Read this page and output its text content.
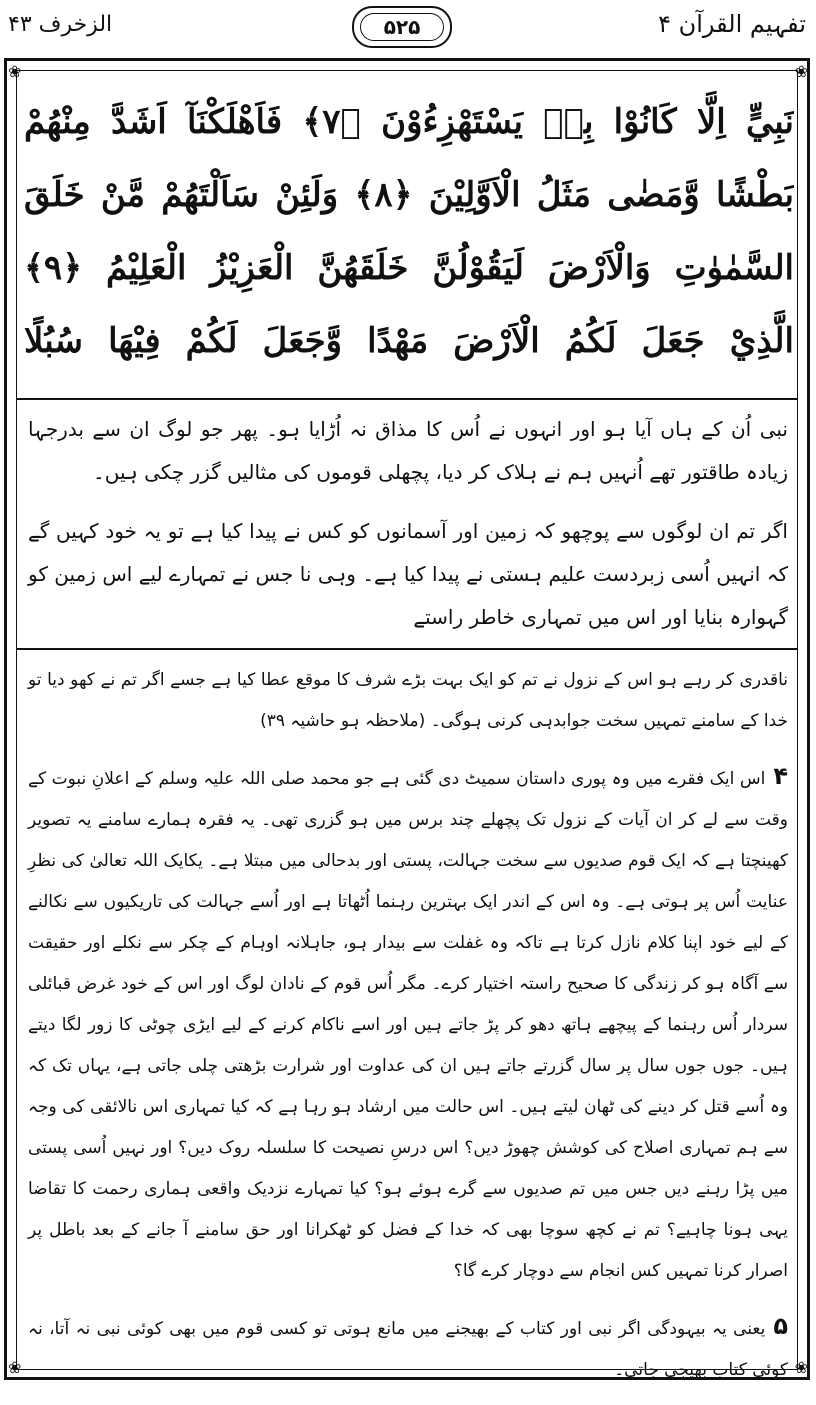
الزخرف ۴۳	۵۲۵	تفہیم القرآن ۴
❀	❀
❀	❀
نَبِيٍّ اِلَّا كَانُوْا بِهٖ يَسْتَهْزِءُوْنَ ﴿٧﴾ فَاَهْلَكْنَآ اَشَدَّ مِنْهُمْ
بَطْشًا وَّمَضٰى مَثَلُ الْاَوَّلِيْنَ ﴿٨﴾ وَلَئِنْ سَاَلْتَهُمْ مَّنْ خَلَقَ
السَّمٰوٰتِ وَالْاَرْضَ لَيَقُوْلُنَّ خَلَقَهُنَّ الْعَزِيْزُ الْعَلِيْمُ ﴿٩﴾
الَّذِيْ جَعَلَ لَكُمُ الْاَرْضَ مَهْدًا وَّجَعَلَ لَكُمْ فِيْهَا سُبُلًا

نبی اُن کے ہاں آیا ہو اور انہوں نے اُس کا مذاق نہ اُڑایا ہو۔ پھر جو لوگ ان سے بدرجہا زیادہ طاقتور تھے اُنہیں ہم نے ہلاک کر دیا، پچھلی قوموں کی مثالیں گزر چکی ہیں۔

اگر تم ان لوگوں سے پوچھو کہ زمین اور آسمانوں کو کس نے پیدا کیا ہے تو یہ خود کہیں گے کہ انہیں اُسی زبردست علیم ہستی نے پیدا کیا ہے۔ وہی نا جس نے تمہارے لیے اس زمین کو گہوارہ بنایا اور اس میں تمہاری خاطر راستے

ناقدری کر رہے ہو اس کے نزول نے تم کو ایک بہت بڑے شرف کا موقع عطا کیا ہے جسے اگر تم نے کھو دیا تو خدا کے سامنے تمہیں سخت جوابدہی کرنی ہوگی۔ (ملاحظہ ہو حاشیہ ۳۹)

۴اس ایک فقرے میں وہ پوری داستان سمیٹ دی گئی ہے جو محمد صلی اللہ علیہ وسلم کے اعلانِ نبوت کے وقت سے لے کر ان آیات کے نزول تک پچھلے چند برس میں ہو گزری تھی۔ یہ فقرہ ہمارے سامنے یہ تصویر کھینچتا ہے کہ ایک قوم صدیوں سے سخت جہالت، پستی اور بدحالی میں مبتلا ہے۔ یکایک اللہ تعالیٰ کی نظرِ عنایت اُس پر ہوتی ہے۔ وہ اس کے اندر ایک بہترین رہنما اُٹھاتا ہے اور اُسے جہالت کی تاریکیوں سے نکالنے کے لیے خود اپنا کلام نازل کرتا ہے تاکہ وہ غفلت سے بیدار ہو، جاہلانہ اوہام کے چکر سے نکلے اور حقیقت سے آگاہ ہو کر زندگی کا صحیح راستہ اختیار کرے۔ مگر اُس قوم کے نادان لوگ اور اس کے خود غرض قبائلی سردار اُس رہنما کے پیچھے ہاتھ دھو کر پڑ جاتے ہیں اور اسے ناکام کرنے کے لیے ایڑی چوٹی کا زور لگا دیتے ہیں۔ جوں جوں سال پر سال گزرتے جاتے ہیں ان کی عداوت اور شرارت بڑھتی چلی جاتی ہے، یہاں تک کہ وہ اُسے قتل کر دینے کی ٹھان لیتے ہیں۔ اس حالت میں ارشاد ہو رہا ہے کہ کیا تمہاری اس نالائقی کی وجہ سے ہم تمہاری اصلاح کی کوشش چھوڑ دیں؟ اس درسِ نصیحت کا سلسلہ روک دیں؟ اور نہیں اُسی پستی میں پڑا رہنے دیں جس میں تم صدیوں سے گرے ہوئے ہو؟ کیا تمہارے نزدیک واقعی ہماری رحمت کا تقاضا یہی ہونا چاہیے؟ تم نے کچھ سوچا بھی کہ خدا کے فضل کو ٹھکرانا اور حق سامنے آ جانے کے بعد باطل پر اصرار کرنا تمہیں کس انجام سے دوچار کرے گا؟

۵یعنی یہ بیہودگی اگر نبی اور کتاب کے بھیجنے میں مانع ہوتی تو کسی قوم میں بھی کوئی نبی نہ آتا، نہ کوئی کتاب بھیجی جاتی۔
